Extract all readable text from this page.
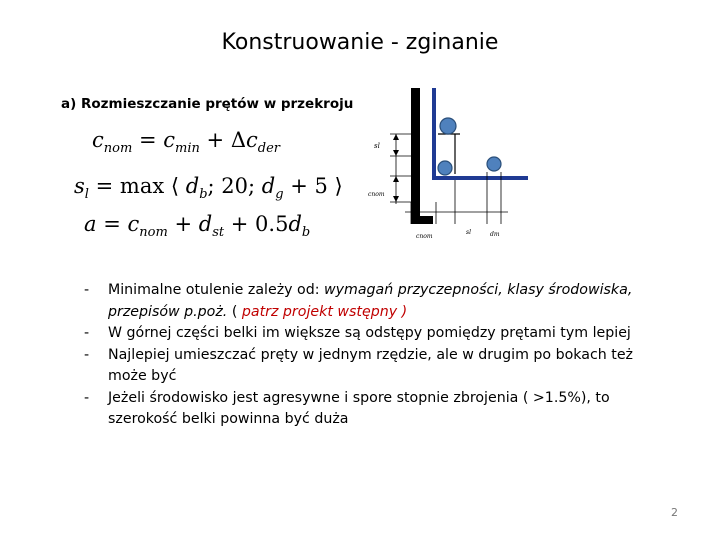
Konstruowanie - zginanie
a) Rozmieszczanie prętów w przekroju
$c_{nom} = c_{min} + \Delta c_{der}$
$s_l = \max$ ⟨ $d_b$; 20; $d_g + 5$ ⟩
$a = c_{nom} + d_{st} + 0.5d_b$
sl
cnom
cnom
sl	dm
- Minimalne otulenie zależy od: wymagań przyczepności, klasy środowiska, przepisów p.poż. ( patrz projekt wstępny )
- W górnej części belki im większe są odstępy pomiędzy prętami tym lepiej
- Najlepiej umieszczać pręty w jednym rzędzie, ale w drugim po bokach też może być
- Jeżeli środowisko jest agresywne i spore stopnie zbrojenia ( >1.5%), to szerokość belki powinna być duża
2
